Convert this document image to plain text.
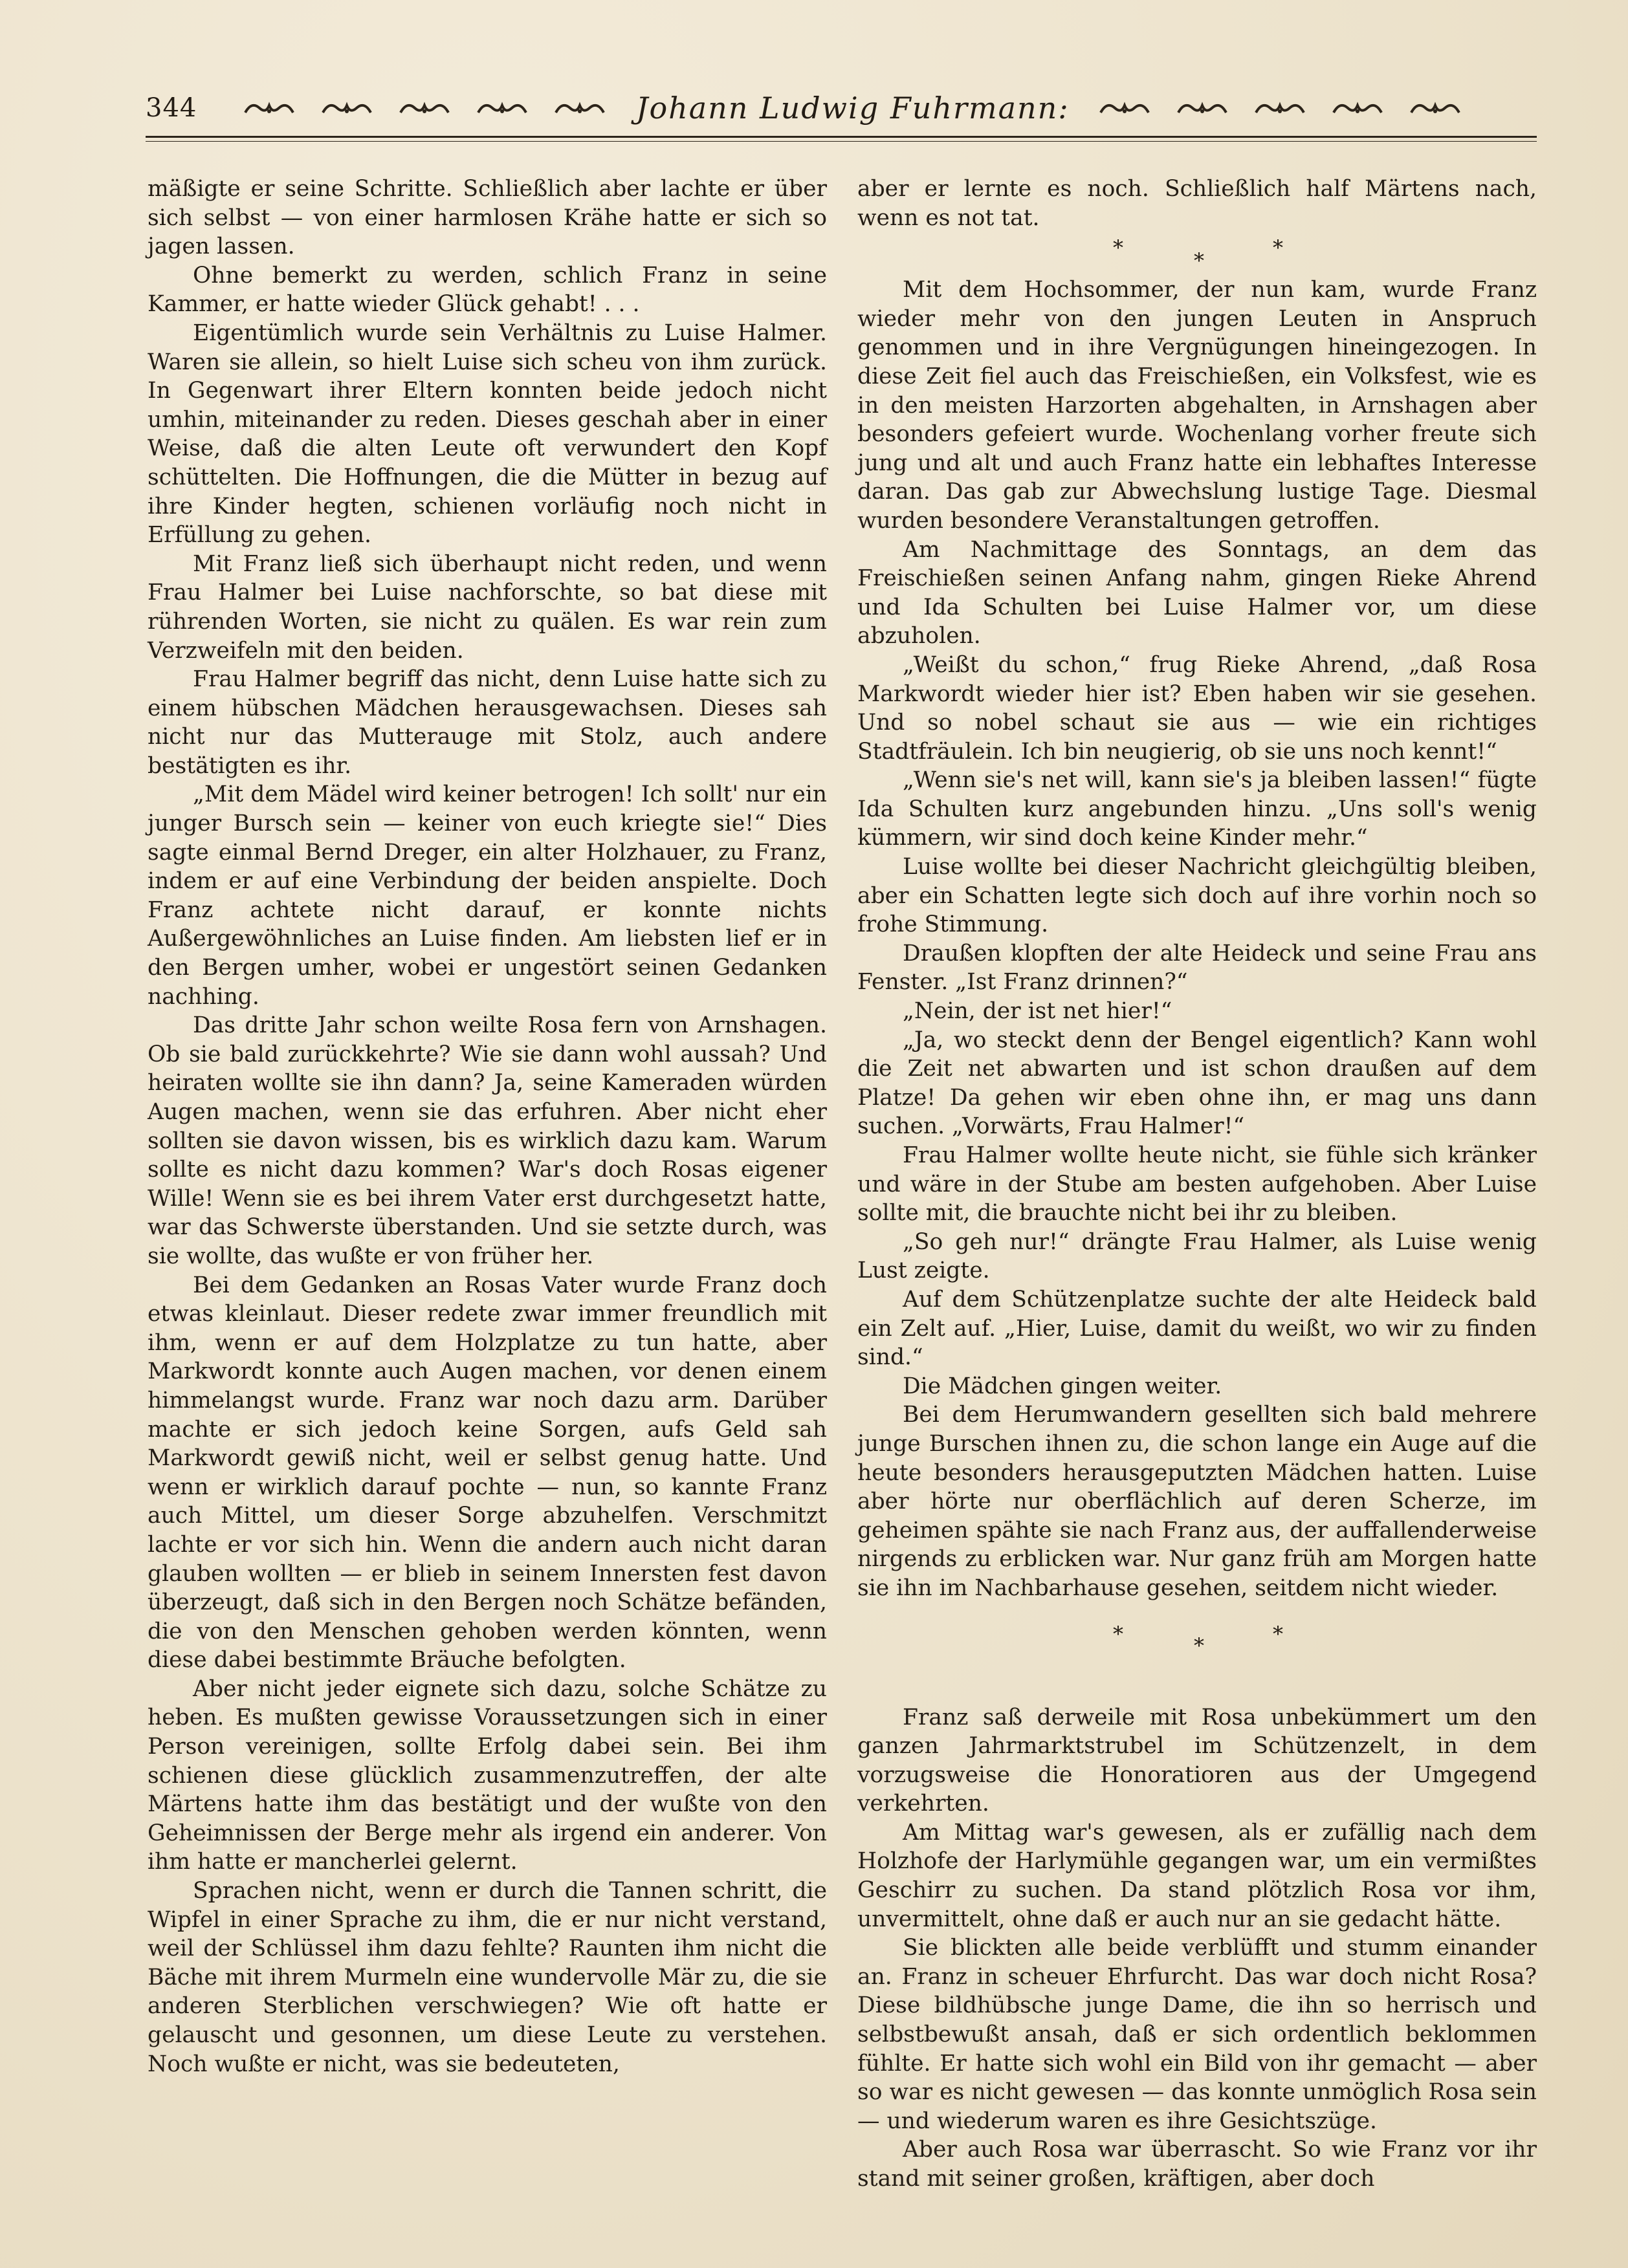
344	Johann Ludwig Fuhrmann:

mäßigte er seine Schritte. Schließlich aber lachte er über sich selbst — von einer harmlosen Krähe hatte er sich so jagen lassen.

Ohne bemerkt zu werden, schlich Franz in seine Kammer, er hatte wieder Glück gehabt! . . .

Eigentümlich wurde sein Verhältnis zu Luise Halmer. Waren sie allein, so hielt Luise sich scheu von ihm zurück. In Gegenwart ihrer Eltern konnten beide jedoch nicht umhin, miteinander zu reden. Dieses geschah aber in einer Weise, daß die alten Leute oft verwundert den Kopf schüttelten. Die Hoffnungen, die die Mütter in bezug auf ihre Kinder hegten, schienen vorläufig noch nicht in Erfüllung zu gehen.

Mit Franz ließ sich überhaupt nicht reden, und wenn Frau Halmer bei Luise nachforschte, so bat diese mit rührenden Worten, sie nicht zu quälen. Es war rein zum Verzweifeln mit den beiden.

Frau Halmer begriff das nicht, denn Luise hatte sich zu einem hübschen Mädchen herausgewachsen. Dieses sah nicht nur das Mutterauge mit Stolz, auch andere bestätigten es ihr.

„Mit dem Mädel wird keiner betrogen! Ich sollt' nur ein junger Bursch sein — keiner von euch kriegte sie!“ Dies sagte einmal Bernd Dreger, ein alter Holzhauer, zu Franz, indem er auf eine Verbindung der beiden anspielte. Doch Franz achtete nicht darauf, er konnte nichts Außergewöhnliches an Luise finden. Am liebsten lief er in den Bergen umher, wobei er ungestört seinen Gedanken nachhing.

Das dritte Jahr schon weilte Rosa fern von Arnshagen. Ob sie bald zurückkehrte? Wie sie dann wohl aussah? Und heiraten wollte sie ihn dann? Ja, seine Kameraden würden Augen machen, wenn sie das erfuhren. Aber nicht eher sollten sie davon wissen, bis es wirklich dazu kam. Warum sollte es nicht dazu kommen? War's doch Rosas eigener Wille! Wenn sie es bei ihrem Vater erst durchgesetzt hatte, war das Schwerste überstanden. Und sie setzte durch, was sie wollte, das wußte er von früher her.

Bei dem Gedanken an Rosas Vater wurde Franz doch etwas kleinlaut. Dieser redete zwar immer freundlich mit ihm, wenn er auf dem Holzplatze zu tun hatte, aber Markwordt konnte auch Augen machen, vor denen einem himmelangst wurde. Franz war noch dazu arm. Darüber machte er sich jedoch keine Sorgen, aufs Geld sah Markwordt gewiß nicht, weil er selbst genug hatte. Und wenn er wirklich darauf pochte — nun, so kannte Franz auch Mittel, um dieser Sorge abzuhelfen. Verschmitzt lachte er vor sich hin. Wenn die andern auch nicht daran glauben wollten — er blieb in seinem Innersten fest davon überzeugt, daß sich in den Bergen noch Schätze befänden, die von den Menschen gehoben werden könnten, wenn diese dabei bestimmte Bräuche befolgten.

Aber nicht jeder eignete sich dazu, solche Schätze zu heben. Es mußten gewisse Voraussetzungen sich in einer Person vereinigen, sollte Erfolg dabei sein. Bei ihm schienen diese glücklich zusammenzutreffen, der alte Märtens hatte ihm das bestätigt und der wußte von den Geheimnissen der Berge mehr als irgend ein anderer. Von ihm hatte er mancherlei gelernt.

Sprachen nicht, wenn er durch die Tannen schritt, die Wipfel in einer Sprache zu ihm, die er nur nicht verstand, weil der Schlüssel ihm dazu fehlte? Raunten ihm nicht die Bäche mit ihrem Murmeln eine wundervolle Mär zu, die sie anderen Sterblichen verschwiegen? Wie oft hatte er gelauscht und gesonnen, um diese Leute zu verstehen. Noch wußte er nicht, was sie bedeuteten,

aber er lernte es noch. Schließlich half Märtens nach, wenn es not tat.

*
*
*

Mit dem Hochsommer, der nun kam, wurde Franz wieder mehr von den jungen Leuten in Anspruch genommen und in ihre Vergnügungen hineingezogen. In diese Zeit fiel auch das Freischießen, ein Volksfest, wie es in den meisten Harzorten abgehalten, in Arnshagen aber besonders gefeiert wurde. Wochenlang vorher freute sich jung und alt und auch Franz hatte ein lebhaftes Interesse daran. Das gab zur Abwechslung lustige Tage. Diesmal wurden besondere Veranstaltungen getroffen.

Am Nachmittage des Sonntags, an dem das Freischießen seinen Anfang nahm, gingen Rieke Ahrend und Ida Schulten bei Luise Halmer vor, um diese abzuholen.

„Weißt du schon,“ frug Rieke Ahrend, „daß Rosa Markwordt wieder hier ist? Eben haben wir sie gesehen. Und so nobel schaut sie aus — wie ein richtiges Stadtfräulein. Ich bin neugierig, ob sie uns noch kennt!“

„Wenn sie's net will, kann sie's ja bleiben lassen!“ fügte Ida Schulten kurz angebunden hinzu. „Uns soll's wenig kümmern, wir sind doch keine Kinder mehr.“

Luise wollte bei dieser Nachricht gleichgültig bleiben, aber ein Schatten legte sich doch auf ihre vorhin noch so frohe Stimmung.

Draußen klopften der alte Heideck und seine Frau ans Fenster. „Ist Franz drinnen?“

„Nein, der ist net hier!“

„Ja, wo steckt denn der Bengel eigentlich? Kann wohl die Zeit net abwarten und ist schon draußen auf dem Platze! Da gehen wir eben ohne ihn, er mag uns dann suchen. „Vorwärts, Frau Halmer!“

Frau Halmer wollte heute nicht, sie fühle sich kränker und wäre in der Stube am besten aufgehoben. Aber Luise sollte mit, die brauchte nicht bei ihr zu bleiben.

„So geh nur!“ drängte Frau Halmer, als Luise wenig Lust zeigte.

Auf dem Schützenplatze suchte der alte Heideck bald ein Zelt auf. „Hier, Luise, damit du weißt, wo wir zu finden sind.“

Die Mädchen gingen weiter.

Bei dem Herumwandern gesellten sich bald mehrere junge Burschen ihnen zu, die schon lange ein Auge auf die heute besonders herausgeputzten Mädchen hatten. Luise aber hörte nur oberflächlich auf deren Scherze, im geheimen spähte sie nach Franz aus, der auffallenderweise nirgends zu erblicken war. Nur ganz früh am Morgen hatte sie ihn im Nachbarhause gesehen, seitdem nicht wieder.

*	*	*

Franz saß derweile mit Rosa unbekümmert um den ganzen Jahrmarktstrubel im Schützenzelt, in dem vorzugsweise die Honoratioren aus der Umgegend verkehrten.

Am Mittag war's gewesen, als er zufällig nach dem Holzhofe der Harlymühle gegangen war, um ein vermißtes Geschirr zu suchen. Da stand plötzlich Rosa vor ihm, unvermittelt, ohne daß er auch nur an sie gedacht hätte.

Sie blickten alle beide verblüfft und stumm einander an. Franz in scheuer Ehrfurcht. Das war doch nicht Rosa? Diese bildhübsche junge Dame, die ihn so herrisch und selbstbewußt ansah, daß er sich ordentlich beklommen fühlte. Er hatte sich wohl ein Bild von ihr gemacht — aber so war es nicht gewesen — das konnte unmöglich Rosa sein — und wiederum waren es ihre Gesichtszüge.

Aber auch Rosa war überrascht. So wie Franz vor ihr stand mit seiner großen, kräftigen, aber doch
